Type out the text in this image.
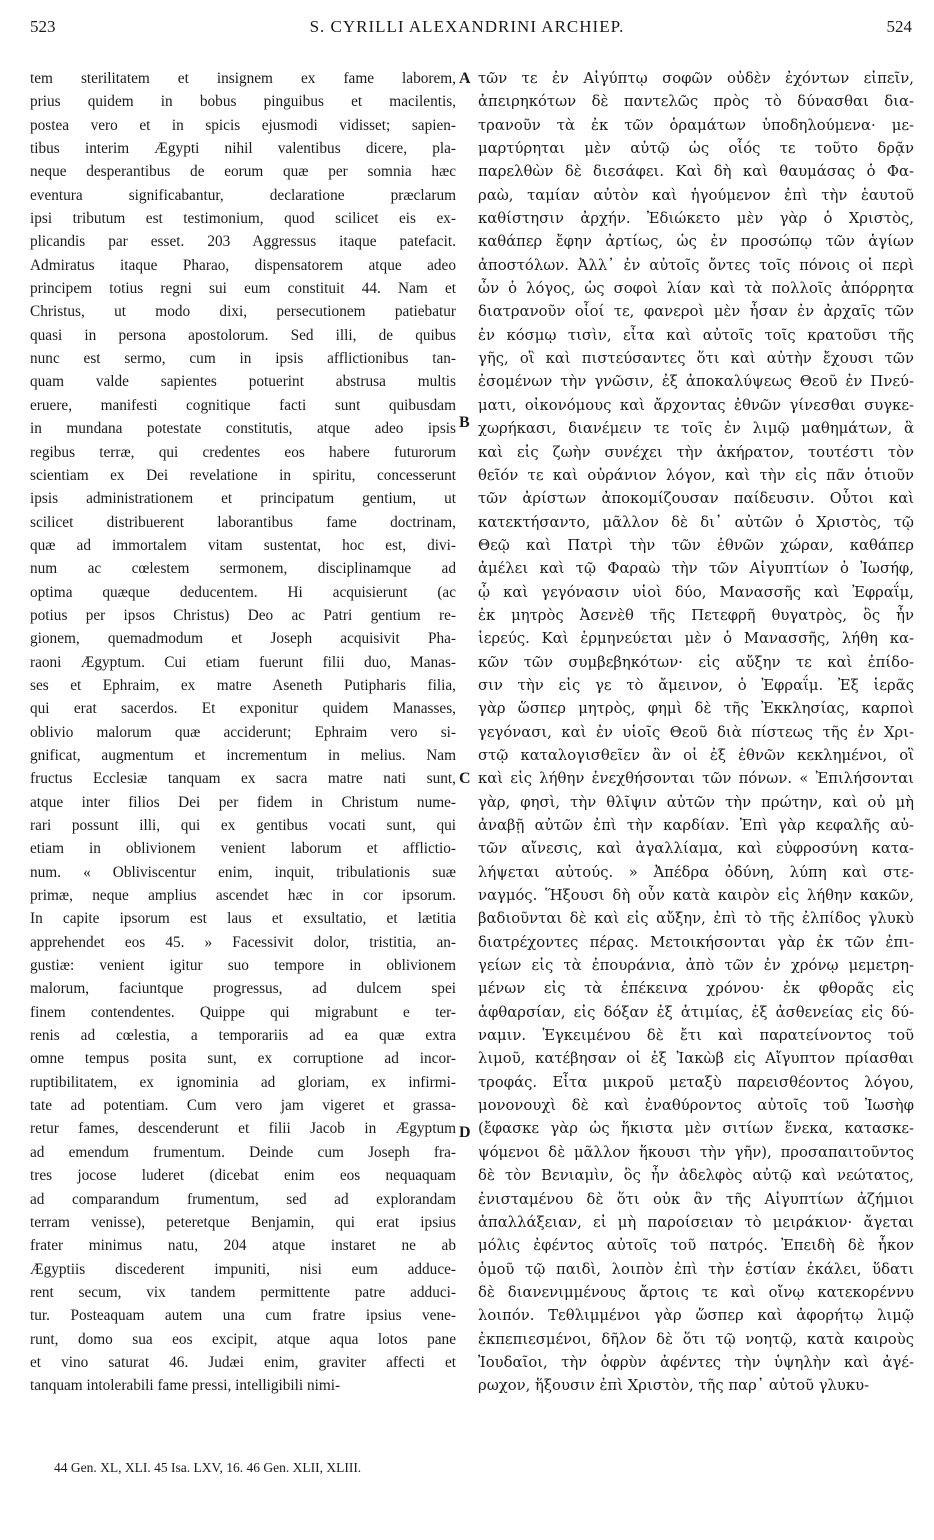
523	S. CYRILLI ALEXANDRINI ARCHIEP.	524
A
B
C
D
tem sterilitatem et insignem ex fame laborem,
prius quidem in bobus pinguibus et macilentis,
postea vero et in spicis ejusmodi vidisset; sapien-
tibus interim Ægypti nihil valentibus dicere, pla-
neque desperantibus de eorum quæ per somnia hæc
eventura significabantur, declaratione præclarum
ipsi tributum est testimonium, quod scilicet eis ex-
plicandis par esset. 203 Aggressus itaque patefacit.
Admiratus itaque Pharao, dispensatorem atque adeo
principem totius regni sui eum constituit 44. Nam et
Christus, ut modo dixi, persecutionem patiebatur
quasi in persona apostolorum. Sed illi, de quibus
nunc est sermo, cum in ipsis afflictionibus tan-
quam valde sapientes potuerint abstrusa multis
eruere, manifesti cognitique facti sunt quibusdam
in mundana potestate constitutis, atque adeo ipsis
regibus terræ, qui credentes eos habere futurorum
scientiam ex Dei revelatione in spiritu, concesserunt
ipsis administrationem et principatum gentium, ut
scilicet distribuerent laborantibus fame doctrinam,
quæ ad immortalem vitam sustentat, hoc est, divi-
num ac cœlestem sermonem, disciplinamque ad
optima quæque deducentem. Hi acquisierunt (ac
potius per ipsos Christus) Deo ac Patri gentium re-
gionem, quemadmodum et Joseph acquisivit Pha-
raoni Ægyptum. Cui etiam fuerunt filii duo, Manas-
ses et Ephraim, ex matre Aseneth Putipharis filia,
qui erat sacerdos. Et exponitur quidem Manasses,
oblivio malorum quæ acciderunt; Ephraim vero si-
gnificat, augmentum et incrementum in melius. Nam
fructus Ecclesiæ tanquam ex sacra matre nati sunt,
atque inter filios Dei per fidem in Christum nume-
rari possunt illi, qui ex gentibus vocati sunt, qui
etiam in oblivionem venient laborum et afflictio-
num. « Obliviscentur enim, inquit, tribulationis suæ
primæ, neque amplius ascendet hæc in cor ipsorum.
In capite ipsorum est laus et exsultatio, et lætitia
apprehendet eos 45. » Facessivit dolor, tristitia, an-
gustiæ: venient igitur suo tempore in oblivionem
malorum, faciuntque progressus, ad dulcem spei
finem contendentes. Quippe qui migrabunt e ter-
renis ad cœlestia, a temporariis ad ea quæ extra
omne tempus posita sunt, ex corruptione ad incor-
ruptibilitatem, ex ignominia ad gloriam, ex infirmi-
tate ad potentiam. Cum vero jam vigeret et grassa-
retur fames, descenderunt et filii Jacob in Ægyptum
ad emendum frumentum. Deinde cum Joseph fra-
tres jocose luderet (dicebat enim eos nequaquam
ad comparandum frumentum, sed ad explorandam
terram venisse), peteretque Benjamin, qui erat ipsius
frater minimus natu, 204 atque instaret ne ab
Ægyptiis discederent impuniti, nisi eum adduce-
rent secum, vix tandem permittente patre adduci-
tur. Posteaquam autem una cum fratre ipsius vene-
runt, domo sua eos excipit, atque aqua lotos pane
et vino saturat 46. Judæi enim, graviter affecti et
tanquam intolerabili fame pressi, intelligibili nimi-
τῶν τε ἐν Αἰγύπτῳ σοφῶν οὐδὲν ἐχόντων εἰπεῖν,
ἀπειρηκότων δὲ παντελῶς πρὸς τὸ δύνασθαι δια-
τρανοῦν τὰ ἐκ τῶν ὁραμάτων ὑποδηλούμενα· με-
μαρτύρηται μὲν αὐτῷ ὡς οἷός τε τοῦτο δρᾷν
παρελθὼν δὲ διεσάφει. Καὶ δὴ καὶ θαυμάσας ὁ Φα-
ραὼ, ταμίαν αὐτὸν καὶ ἡγούμενον ἐπὶ τὴν ἑαυτοῦ
καθίστησιν ἀρχήν. Ἐδιώκετο μὲν γὰρ ὁ Χριστὸς,
καθάπερ ἔφην ἀρτίως, ὡς ἐν προσώπῳ τῶν ἁγίων
ἀποστόλων. Ἀλλ᾽ ἐν αὐτοῖς ὄντες τοῖς πόνοις οἱ περὶ
ὧν ὁ λόγος, ὡς σοφοὶ λίαν καὶ τὰ πολλοῖς ἀπόρρητα
διατρανοῦν οἷοί τε, φανεροὶ μὲν ἦσαν ἐν ἀρχαῖς τῶν
ἐν κόσμῳ τισὶν, εἶτα καὶ αὐτοῖς τοῖς κρατοῦσι τῆς
γῆς, οἳ καὶ πιστεύσαντες ὅτι καὶ αὐτὴν ἔχουσι τῶν
ἐσομένων τὴν γνῶσιν, ἐξ ἀποκαλύψεως Θεοῦ ἐν Πνεύ-
ματι, οἰκονόμους καὶ ἄρχοντας ἐθνῶν γίνεσθαι συγκε-
χωρήκασι, διανέμειν τε τοῖς ἐν λιμῷ μαθημάτων, ἃ
καὶ εἰς ζωὴν συνέχει τὴν ἀκήρατον, τουτέστι τὸν
θεῖόν τε καὶ οὐράνιον λόγον, καὶ τὴν εἰς πᾶν ὁτιοῦν
τῶν ἀρίστων ἀποκομίζουσαν παίδευσιν. Οὗτοι καὶ
κατεκτήσαντο, μᾶλλον δὲ δι᾽ αὐτῶν ὁ Χριστὸς, τῷ
Θεῷ καὶ Πατρὶ τὴν τῶν ἐθνῶν χώραν, καθάπερ
ἀμέλει καὶ τῷ Φαραὼ τὴν τῶν Αἰγυπτίων ὁ Ἰωσήφ,
ᾧ καὶ γεγόνασιν υἱοὶ δύο, Μανασσῆς καὶ Ἐφραΐμ,
ἐκ μητρὸς Ἀσενὲθ τῆς Πετεφρῆ θυγατρὸς, ὃς ἦν
ἱερεύς. Καὶ ἑρμηνεύεται μὲν ὁ Μανασσῆς, λήθη κα-
κῶν τῶν συμβεβηκότων· εἰς αὔξην τε καὶ ἐπίδο-
σιν τὴν εἰς γε τὸ ἄμεινον, ὁ Ἐφραΐμ. Ἐξ ἱερᾶς
γὰρ ὥσπερ μητρὸς, φημὶ δὲ τῆς Ἐκκλησίας, καρποὶ
γεγόνασι, καὶ ἐν υἱοῖς Θεοῦ διὰ πίστεως τῆς ἐν Χρι-
στῷ καταλογισθεῖεν ἂν οἱ ἐξ ἐθνῶν κεκλημένοι, οἳ
καὶ εἰς λήθην ἐνεχθήσονται τῶν πόνων. « Ἐπιλήσονται
γὰρ, φησὶ, τὴν θλῖψιν αὐτῶν τὴν πρώτην, καὶ οὐ μὴ
ἀναβῇ αὐτῶν ἐπὶ τὴν καρδίαν. Ἐπὶ γὰρ κεφαλῆς αὐ-
τῶν αἴνεσις, καὶ ἀγαλλίαμα, καὶ εὐφροσύνη κατα-
λήψεται αὐτούς. » Ἀπέδρα ὀδύνη, λύπη καὶ στε-
ναγμός. Ἥξουσι δὴ οὖν κατὰ καιρὸν εἰς λήθην κακῶν,
βαδιοῦνται δὲ καὶ εἰς αὔξην, ἐπὶ τὸ τῆς ἐλπίδος γλυκὺ
διατρέχοντες πέρας. Μετοικήσονται γὰρ ἐκ τῶν ἐπι-
γείων εἰς τὰ ἐπουράνια, ἀπὸ τῶν ἐν χρόνῳ μεμετρη-
μένων εἰς τὰ ἐπέκεινα χρόνου· ἐκ φθορᾶς εἰς
ἀφθαρσίαν, εἰς δόξαν ἐξ ἀτιμίας, ἐξ ἀσθενείας εἰς δύ-
ναμιν. Ἐγκειμένου δὲ ἔτι καὶ παρατείνοντος τοῦ
λιμοῦ, κατέβησαν οἱ ἐξ Ἰακὼβ εἰς Αἴγυπτον πρίασθαι
τροφάς. Εἶτα μικροῦ μεταξὺ παρεισθέοντος λόγου,
μονονουχὶ δὲ καὶ ἐναθύροντος αὐτοῖς τοῦ Ἰωσὴφ
(ἔφασκε γὰρ ὡς ἥκιστα μὲν σιτίων ἕνεκα, κατασκε-
ψόμενοι δὲ μᾶλλον ἥκουσι τὴν γῆν), προσαπαιτοῦντος
δὲ τὸν Βενιαμὶν, ὃς ἦν ἀδελφὸς αὐτῷ καὶ νεώτατος,
ἐνισταμένου δὲ ὅτι οὐκ ἂν τῆς Αἰγυπτίων ἀζήμιοι
ἀπαλλάξειαν, εἰ μὴ παροίσειαν τὸ μειράκιον· ἄγεται
μόλις ἐφέντος αὐτοῖς τοῦ πατρός. Ἐπειδὴ δὲ ἧκον
ὁμοῦ τῷ παιδὶ, λοιπὸν ἐπὶ τὴν ἑστίαν ἐκάλει, ὕδατι
δὲ διανενιμμένους ἄρτοις τε καὶ οἴνῳ κατεκορέννυ
λοιπόν. Τεθλιμμένοι γὰρ ὥσπερ καὶ ἀφορήτῳ λιμῷ
ἐκπεπιεσμένοι, δῆλον δὲ ὅτι τῷ νοητῷ, κατὰ καιροὺς
Ἰουδαῖοι, τὴν ὀφρὺν ἀφέντες τὴν ὑψηλὴν καὶ ἀγέ-
ρωχον, ἥξουσιν ἐπὶ Χριστὸν, τῆς παρ᾽ αὐτοῦ γλυκυ-
44 Gen. XL, XLI. 45 Isa. LXV, 16. 46 Gen. XLII, XLIII.
